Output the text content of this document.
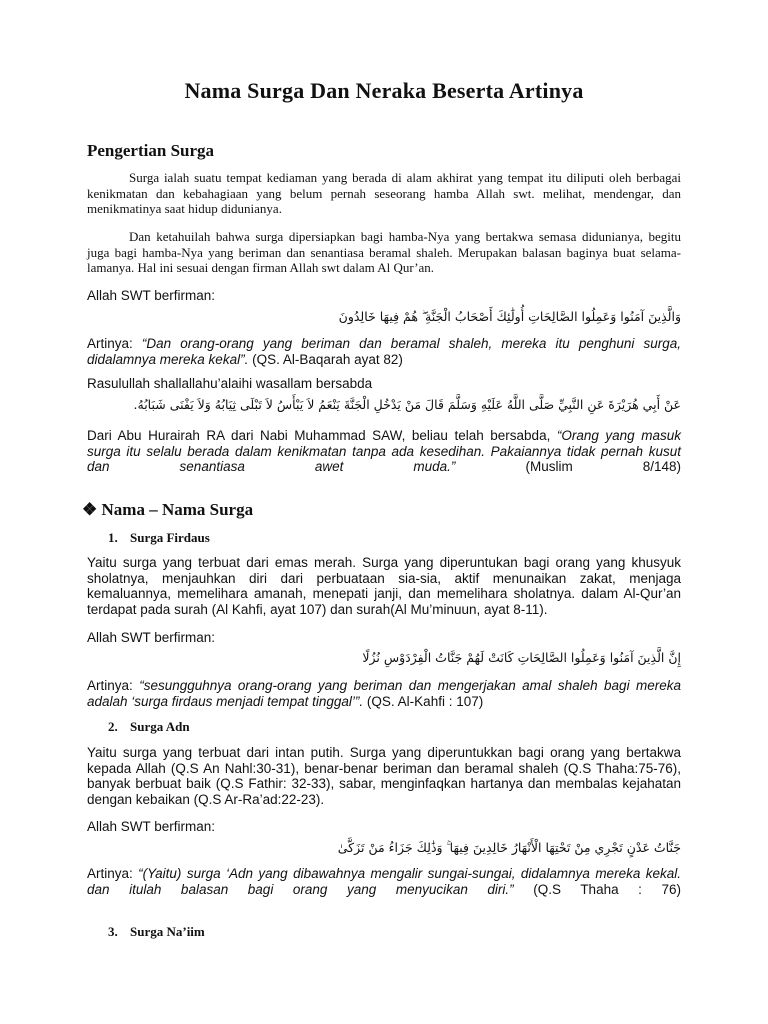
Nama Surga Dan Neraka Beserta Artinya
Pengertian Surga

Surga ialah suatu tempat kediaman yang berada di alam akhirat yang tempat itu diliputi oleh berbagai kenikmatan dan kebahagiaan yang belum pernah seseorang hamba Allah swt. melihat, mendengar, dan menikmatinya saat hidup didunianya.

Dan ketahuilah bahwa surga dipersiapkan bagi hamba-Nya yang bertakwa semasa didunianya, begitu juga bagi hamba-Nya yang beriman dan senantiasa beramal shaleh. Merupakan balasan baginya buat selama-lamanya. Hal ini sesuai dengan firman Allah swt dalam Al Qur’an.

Allah SWT berfirman:
وَالَّذِينَ آمَنُوا وَعَمِلُوا الصَّالِحَاتِ أُولَٰئِكَ أَصْحَابُ الْجَنَّةِ ۖ هُمْ فِيهَا خَالِدُونَ

Artinya: “Dan orang-orang yang beriman dan beramal shaleh, mereka itu penghuni surga, didalamnya mereka kekal”. (QS. Al-Baqarah ayat 82)

Rasulullah shallallahu’alaihi wasallam bersabda
عَنْ أَبِي هُرَيْرَةَ عَنِ النَّبِيِّ صَلَّى اللَّهُ عَلَيْهِ وَسَلَّمَ قَالَ مَنْ يَدْخُلِ الْجَنَّةَ يَنْعَمُ لاَ يَبْأَسُ لاَ تَبْلَى ثِيَابُهُ وَلاَ يَفْنَى شَبَابُهُ.

Dari Abu Hurairah RA dari Nabi Muhammad SAW, beliau telah bersabda, “Orang yang masuk surga itu selalu berada dalam kenikmatan tanpa ada kesedihan. Pakaiannya tidak pernah kusut dan senantiasa awet muda.” (Muslim 8/148)

❖ Nama – Nama Surga
1. Surga Firdaus

Yaitu surga yang terbuat dari emas merah. Surga yang diperuntukan bagi orang yang khusyuk sholatnya, menjauhkan diri dari perbuataan sia-sia, aktif menunaikan zakat, menjaga kemaluannya, memelihara amanah, menepati janji, dan memelihara sholatnya. dalam Al-Qur’an terdapat pada surah (Al Kahfi, ayat 107) dan surah(Al Mu’minuun, ayat 8-11).

Allah SWT berfirman:
إِنَّ الَّذِينَ آمَنُوا وَعَمِلُوا الصَّالِحَاتِ كَانَتْ لَهُمْ جَنَّاتُ الْفِرْدَوْسِ نُزُلًا

Artinya: “sesungguhnya orang-orang yang beriman dan mengerjakan amal shaleh bagi mereka adalah ‘surga firdaus menjadi tempat tinggal’”. (QS. Al-Kahfi : 107)

2. Surga Adn

Yaitu surga yang terbuat dari intan putih. Surga yang diperuntukkan bagi orang yang bertakwa kepada Allah (Q.S An Nahl:30-31), benar-benar beriman dan beramal shaleh (Q.S Thaha:75-76), banyak berbuat baik (Q.S Fathir: 32-33), sabar, menginfaqkan hartanya dan membalas kejahatan dengan kebaikan (Q.S Ar-Ra’ad:22-23).

Allah SWT berfirman:
جَنَّاتُ عَدْنٍ تَجْرِي مِنْ تَحْتِهَا الْأَنْهَارُ خَالِدِينَ فِيهَا ۚ وَذَٰلِكَ جَزَاءُ مَنْ تَزَكَّىٰ

Artinya: “(Yaitu) surga ‘Adn yang dibawahnya mengalir sungai-sungai, didalamnya mereka kekal. dan itulah balasan bagi orang yang menyucikan diri.” (Q.S Thaha : 76)

3. Surga Na’iim
